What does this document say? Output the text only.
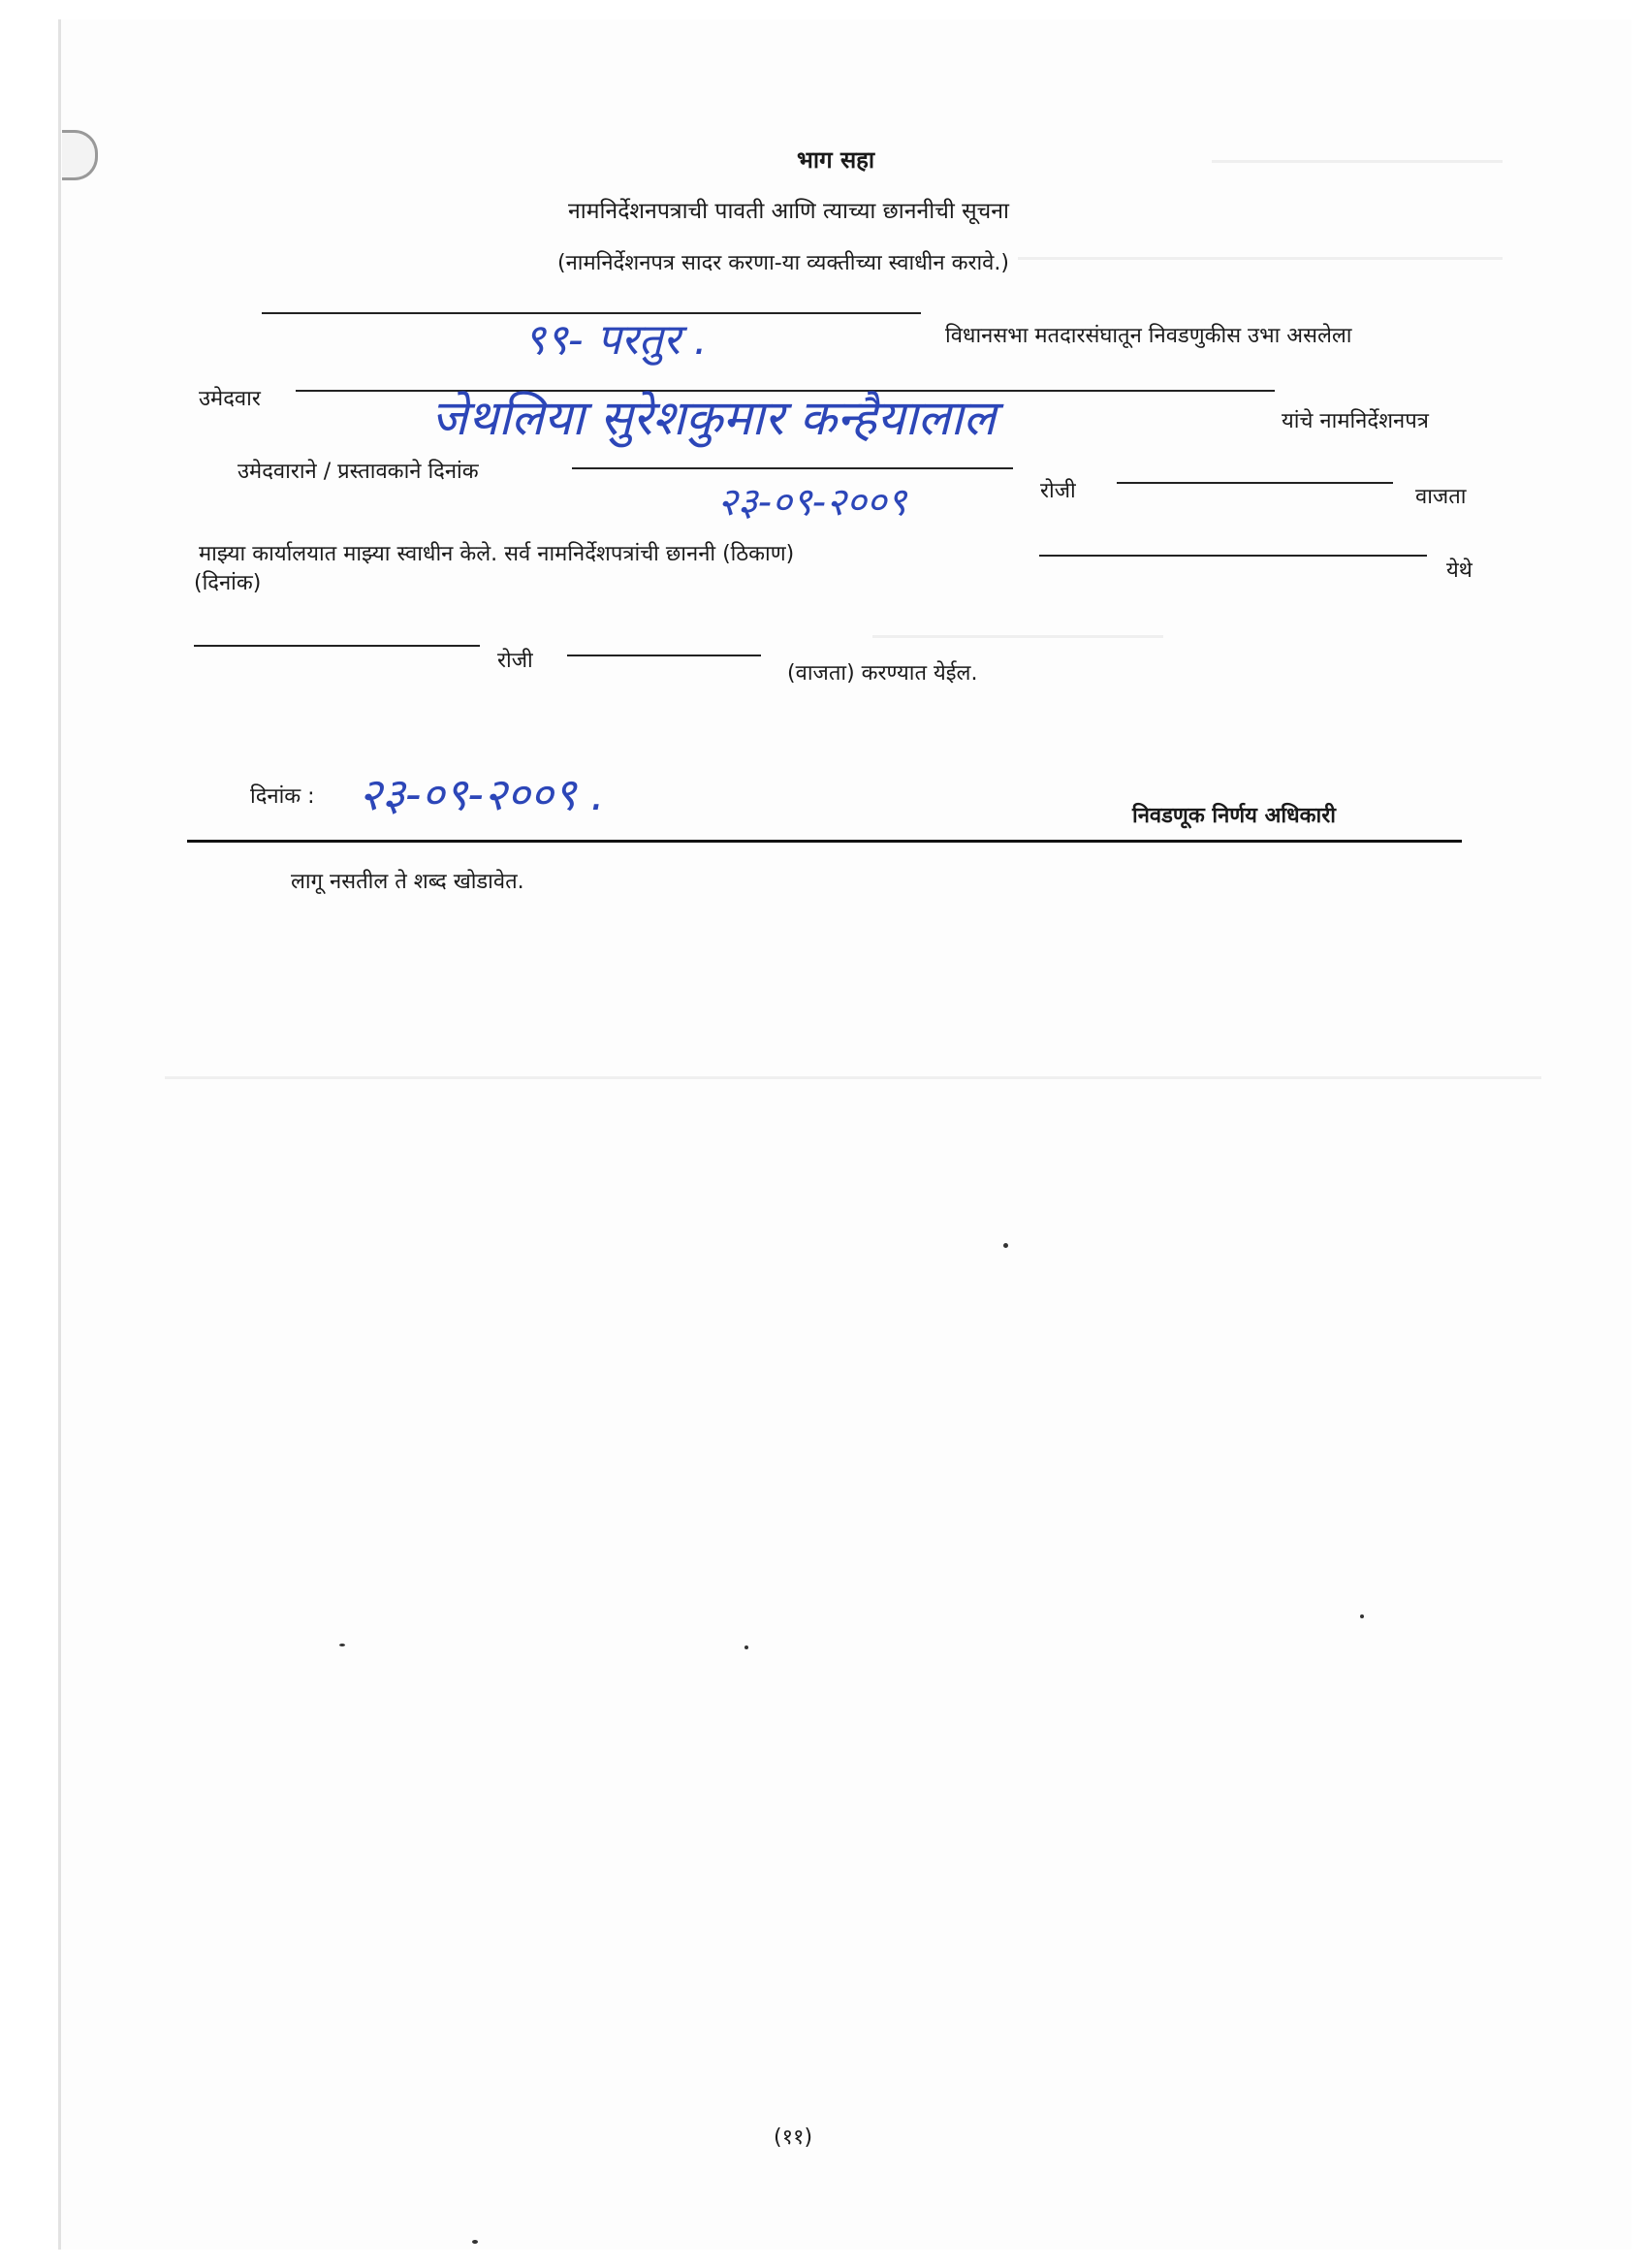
भाग सहा
नामनिर्देशनपत्राची पावती आणि त्याच्या छाननीची सूचना
(नामनिर्देशनपत्र सादर करणा-या व्यक्तीच्या स्वाधीन करावे.)
९९- परतुर .	विधानसभा मतदारसंघातून निवडणुकीस उभा असलेला
उमेदवार	जेथलिया सुरेशकुमार कन्हैयालाल	यांचे नामनिर्देशनपत्र
उमेदवाराने / प्रस्तावकाने दिनांक
२३-०९-२००९	रोजी	वाजता
माझ्या कार्यालयात माझ्या स्वाधीन केले. सर्व नामनिर्देशपत्रांची छाननी (ठिकाण)
येथे
(दिनांक)
रोजी
(वाजता) करण्यात येईल.
दिनांक : २३-०९-२००९ .	निवडणूक निर्णय अधिकारी
लागू नसतील ते शब्द खोडावेत.
(११)
